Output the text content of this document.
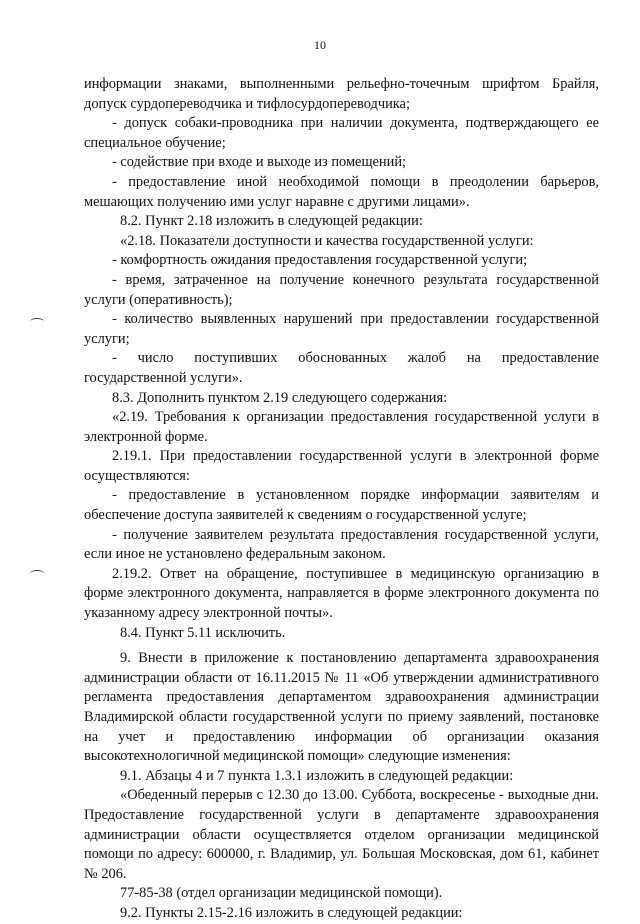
10

информации знаками, выполненными рельефно-точечным шрифтом Брайля, допуск сурдопереводчика и тифлосурдопереводчика;

- допуск собаки-проводника при наличии документа, подтверждающего ее специальное обучение;

- содействие при входе и выходе из помещений;

- предоставление иной необходимой помощи в преодолении барьеров, мешающих получению ими услуг наравне с другими лицами».

8.2. Пункт 2.18 изложить в следующей редакции:

«2.18. Показатели доступности и качества государственной услуги:

- комфортность ожидания предоставления государственной услуги;

- время, затраченное на получение конечного результата государственной услуги (оперативность);

- количество выявленных нарушений при предоставлении государственной услуги;

- число поступивших обоснованных жалоб на предоставление государственной услуги».

8.3. Дополнить пунктом 2.19 следующего содержания:

«2.19. Требования к организации предоставления государственной услуги в электронной форме.

2.19.1. При предоставлении государственной услуги в электронной форме осуществляются:

- предоставление в установленном порядке информации заявителям и обеспечение доступа заявителей к сведениям о государственной услуге;

- получение заявителем результата предоставления государственной услуги, если иное не установлено федеральным законом.

2.19.2. Ответ на обращение, поступившее в медицинскую организацию в форме электронного документа, направляется в форме электронного документа по указанному адресу электронной почты».

8.4. Пункт 5.11 исключить.

9. Внести в приложение к постановлению департамента здравоохранения администрации области от 16.11.2015 № 11 «Об утверждении административного регламента предоставления департаментом здравоохранения администрации Владимирской области государственной услуги по приему заявлений, постановке на учет и предоставлению информации об организации оказания высокотехнологичной медицинской помощи» следующие изменения:

9.1. Абзацы 4 и 7 пункта 1.3.1 изложить в следующей редакции:

«Обеденный перерыв с 12.30 до 13.00. Суббота, воскресенье - выходные дни. Предоставление государственной услуги в департаменте здравоохранения администрации области осуществляется отделом организации медицинской помощи по адресу: 600000, г. Владимир, ул. Большая Московская, дом 61, кабинет № 206.

77-85-38 (отдел организации медицинской помощи).

9.2. Пункты 2.15-2.16 изложить в следующей редакции:
